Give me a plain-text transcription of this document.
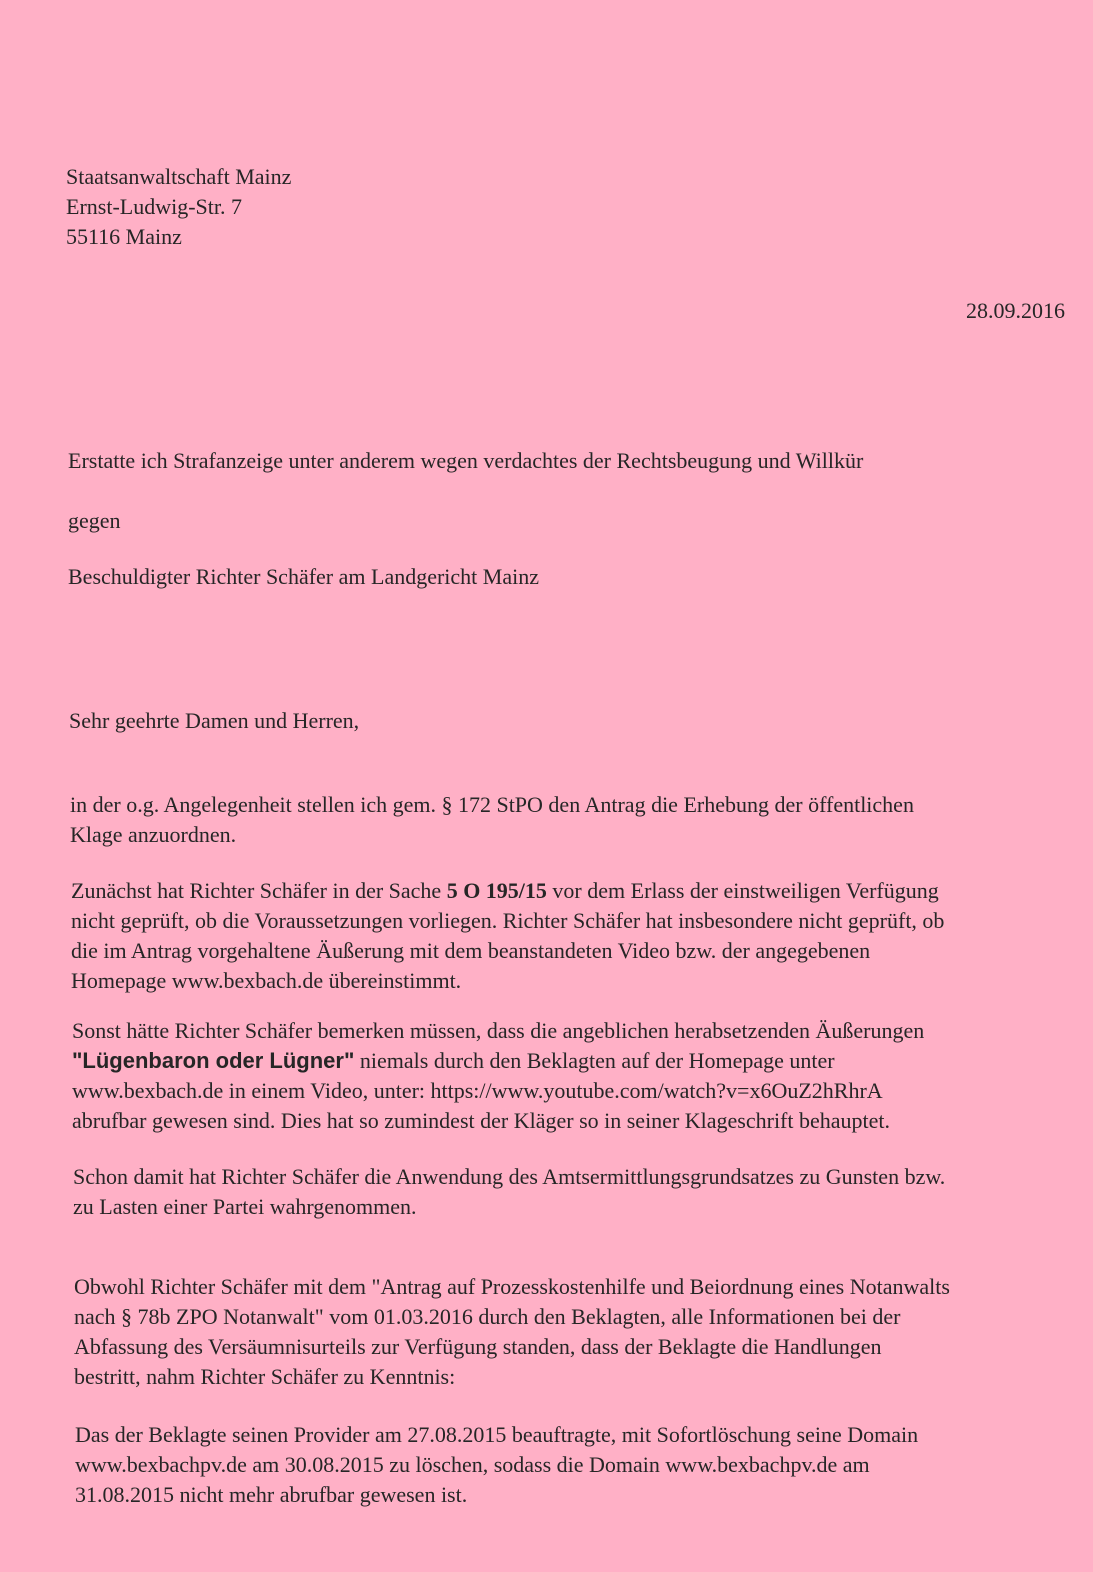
Staatsanwaltschaft Mainz
Ernst-Ludwig-Str. 7
55116 Mainz
28.09.2016
Erstatte ich Strafanzeige unter anderem wegen verdachtes der Rechtsbeugung und Willkür
gegen
Beschuldigter Richter Schäfer am Landgericht Mainz
Sehr geehrte Damen und Herren,
in der o.g. Angelegenheit stellen ich gem. § 172 StPO den Antrag die Erhebung der öffentlichen
Klage anzuordnen.
Zunächst hat Richter Schäfer in der Sache 5 O 195/15 vor dem Erlass der einstweiligen Verfügung
nicht geprüft, ob die Voraussetzungen vorliegen. Richter Schäfer hat insbesondere nicht geprüft, ob
die im Antrag vorgehaltene Äußerung mit dem beanstandeten Video bzw. der angegebenen
Homepage www.bexbach.de übereinstimmt.
Sonst hätte Richter Schäfer bemerken müssen, dass die angeblichen herabsetzenden Äußerungen
"Lügenbaron oder Lügner" niemals durch den Beklagten auf der Homepage unter
www.bexbach.de in einem Video, unter: https://www.youtube.com/watch?v=x6OuZ2hRhrA
abrufbar gewesen sind. Dies hat so zumindest der Kläger so in seiner Klageschrift behauptet.
Schon damit hat Richter Schäfer die Anwendung des Amtsermittlungsgrundsatzes zu Gunsten bzw.
zu Lasten einer Partei wahrgenommen.
Obwohl Richter Schäfer mit dem "Antrag auf Prozesskostenhilfe und Beiordnung eines Notanwalts
nach § 78b ZPO Notanwalt" vom 01.03.2016 durch den Beklagten, alle Informationen bei der
Abfassung des Versäumnisurteils zur Verfügung standen, dass der Beklagte die Handlungen
bestritt, nahm Richter Schäfer zu Kenntnis:
Das der Beklagte seinen Provider am 27.08.2015 beauftragte, mit Sofortlöschung seine Domain
www.bexbachpv.de am 30.08.2015 zu löschen, sodass die Domain www.bexbachpv.de am
31.08.2015 nicht mehr abrufbar gewesen ist.
